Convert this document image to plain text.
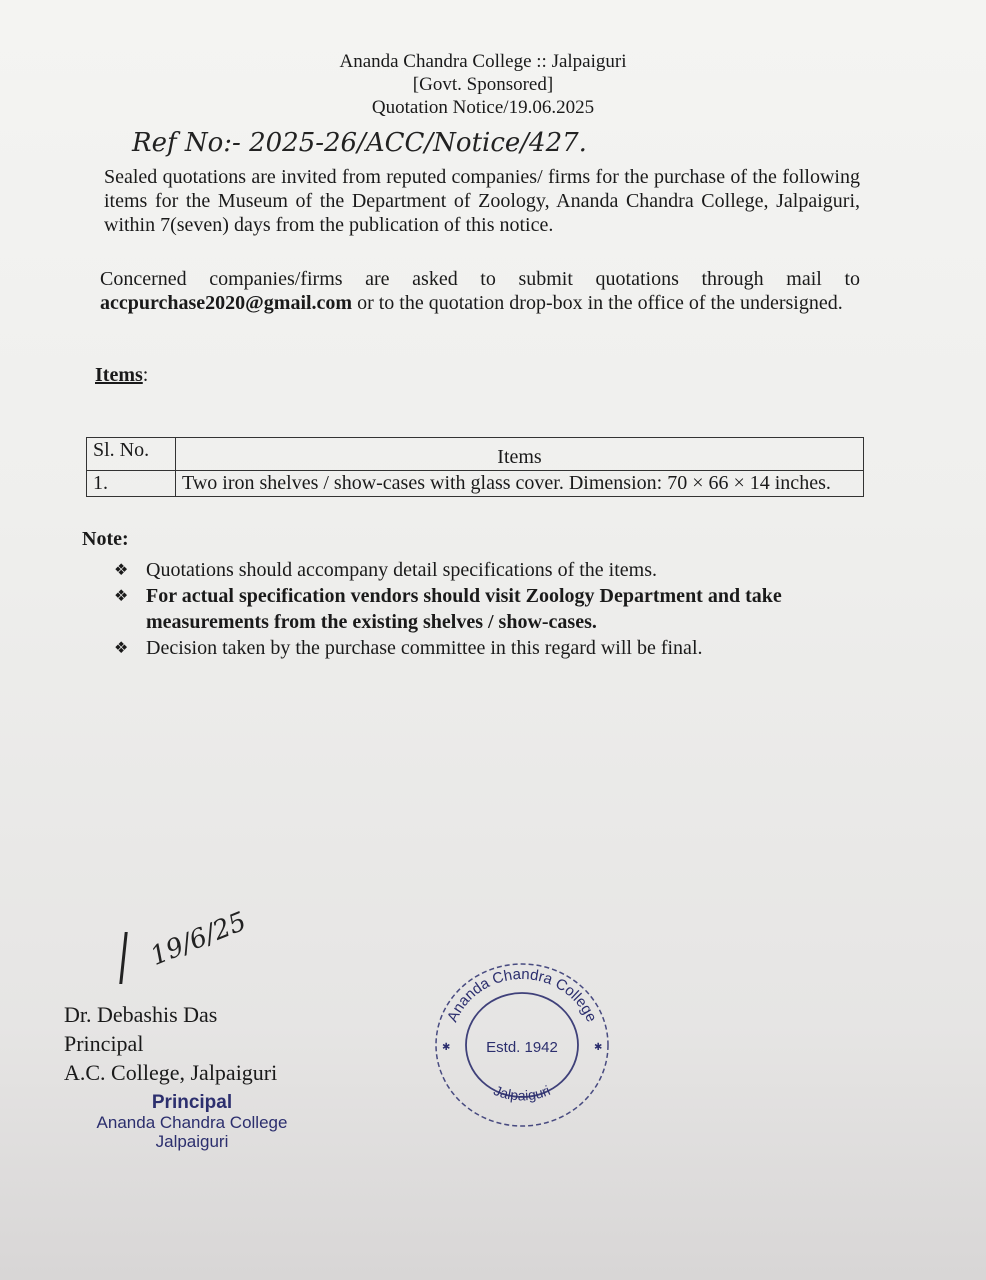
Ananda Chandra College :: Jalpaiguri
[Govt. Sponsored]
Quotation Notice/19.06.2025
Ref No:- 2025-26/ACC/Notice/427.
Sealed quotations are invited from reputed companies/ firms for the purchase of the following items for the Museum of the Department of Zoology, Ananda Chandra College, Jalpaiguri, within 7(seven) days from the publication of this notice.
Concerned companies/firms are asked to submit quotations through mail to accpurchase2020@gmail.com or to the quotation drop-box in the office of the undersigned.
Items:
Sl. No.	Items
1.	Two iron shelves / show-cases with glass cover. Dimension: 70 × 66 × 14 inches.
Note:
❖ Quotations should accompany detail specifications of the items.
❖ For actual specification vendors should visit Zoology Department and take measurements from the existing shelves / show-cases.
❖ Decision taken by the purchase committee in this regard will be final.
19/6/25
Dr. Debashis Das
Principal
A.C. College, Jalpaiguri
Principal
Ananda Chandra College
Jalpaiguri
Ananda Chandra College
Estd. 1942
Jalpaiguri
✱	✱
